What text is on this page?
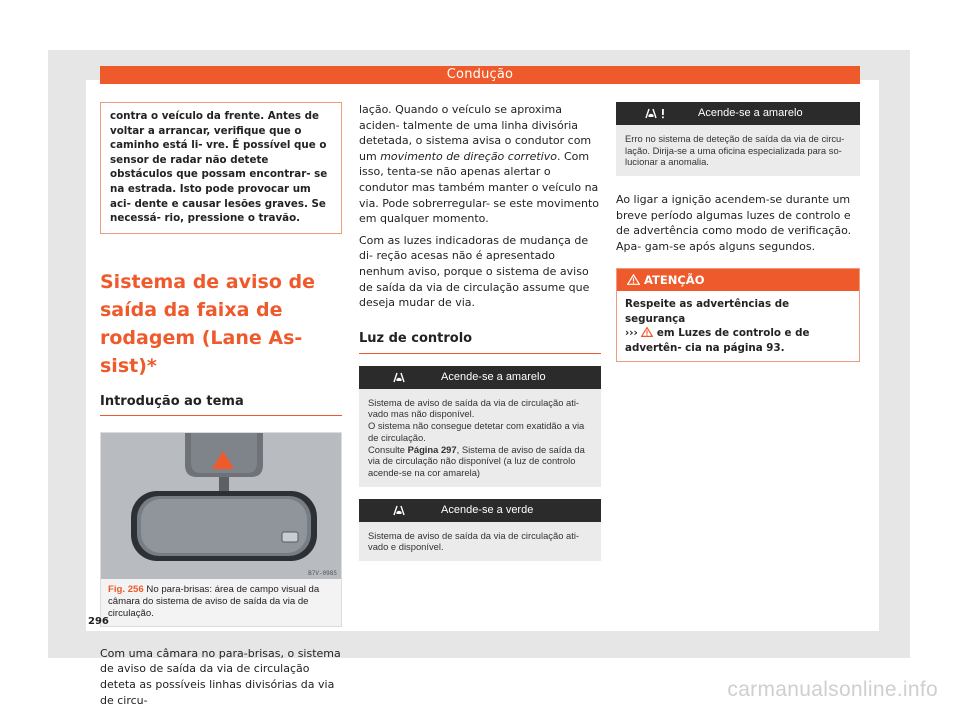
Condução

contra o veículo da frente. Antes de voltar a arrancar, verifique que o caminho está li- vre. É possível que o sensor de radar não detete obstáculos que possam encontrar- se na estrada. Isto pode provocar um aci- dente e causar lesões graves. Se necessá- rio, pressione o travão.

Sistema de aviso de saída da faixa de rodagem (Lane As- sist)*
Introdução ao tema
B7V-0985
Fig. 256 No para-brisas: área de campo visual da câmara do sistema de aviso de saída da via de circulação.

Com uma câmara no para-brisas, o sistema de aviso de saída da via de circulação deteta as possíveis linhas divisórias da via de circu-

lação. Quando o veículo se aproxima aciden- talmente de uma linha divisória detetada, o sistema avisa o condutor com um movimento de direção corretivo. Com isso, tenta-se não apenas alertar o condutor mas também manter o veículo na via. Pode sobrerregular- se este movimento em qualquer momento.

Com as luzes indicadoras de mudança de di- reção acesas não é apresentado nenhum aviso, porque o sistema de aviso de saída da via de circulação assume que deseja mudar de via.

Luz de controlo
Acende-se a amarelo

Sistema de aviso de saída da via de circulação ati- vado mas não disponível.

O sistema não consegue detetar com exatidão a via de circulação.

Consulte Página 297, Sistema de aviso de saída da via de circulação não disponível (a luz de controlo acende-se na cor amarela)

Acende-se a verde

Sistema de aviso de saída da via de circulação ati- vado e disponível.

Acende-se a amarelo

Erro no sistema de deteção de saída da via de circu- lação. Dirija-se a uma oficina especializada para so- lucionar a anomalia.

Ao ligar a ignição acendem-se durante um breve período algumas luzes de controlo e de advertência como modo de verificação. Apa- gam-se após alguns segundos.

ATENÇÃO

Respeite as advertências de segurança

›››  em Luzes de controlo e de advertên- cia na página 93.

296
carmanualsonline.info
